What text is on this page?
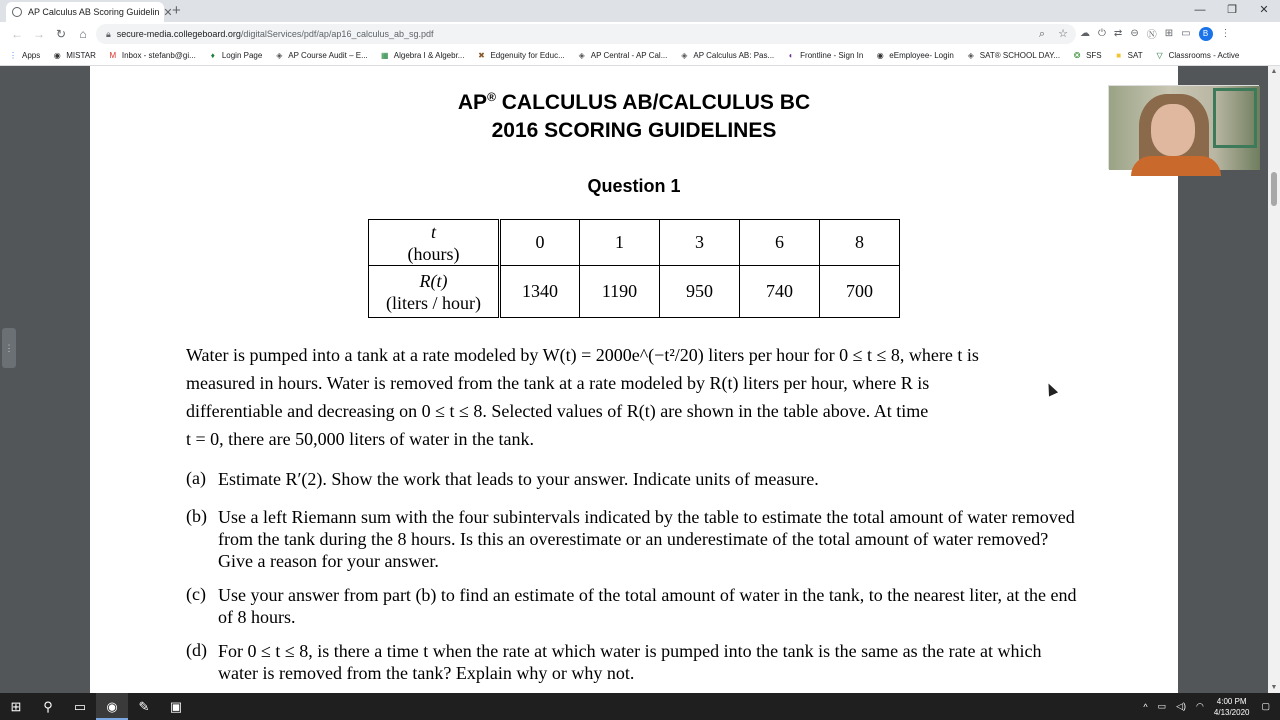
AP Calculus AB Scoring Guidelin ✕ +	—	❐	✕
← → ↻	⌂	🔒︎ secure-media.collegeboard.org /digitalServices/pdf/ap/ap16_calculus_ab_sg.pdf	⌕ ☆ ☁ ⏻ ⇄ ⊖ Ⓝ ⊞ ▭	B	⋮
⋮ Apps ◉ MISTAR M Inbox - stefanb@gi...	♦ Login Page ◈ AP Course Audit – E... ▦ Algebra I & Algebr... ✖ Edgenuity for Educ... ◈ AP Central - AP Cal... ◈ AP Calculus AB: Pas...	◐ Frontline - Sign In ◉ eEmployee- Login ◈ SAT® SCHOOL DAY... ❂ SFS	■ SAT ▽ Classrooms - Active
⋮
AP® CALCULUS AB/CALCULUS BC
2016 SCORING GUIDELINES
Question 1
t
(hours)	0	1	3	6	8
R(t)
(liters / hour)	1340	1190	950	740	700
▲
▼
Water is pumped into a tank at a rate modeled by W(t) = 2000e^(−t²/20) liters per hour for 0 ≤ t ≤ 8, where t is
measured in hours. Water is removed from the tank at a rate modeled by R(t) liters per hour, where R is
differentiable and decreasing on 0 ≤ t ≤ 8. Selected values of R(t) are shown in the table above. At time
t = 0, there are 50,000 liters of water in the tank.
(a) Estimate R′(2). Show the work that leads to your answer. Indicate units of measure.
(b) Use a left Riemann sum with the four subintervals indicated by the table to estimate the total amount of water removed from the tank during the 8 hours. Is this an overestimate or an underestimate of the total amount of water removed? Give a reason for your answer.
(c) Use your answer from part (b) to find an estimate of the total amount of water in the tank, to the nearest liter, at the end of 8 hours.
(d) For 0 ≤ t ≤ 8, is there a time t when the rate at which water is pumped into the tank is the same as the rate at which water is removed from the tank? Explain why or why not.
⊞	⚲	▭	◉	✎	▣	^ ▭ ◁) ◠	4:00 PM
4/13/2020
▢
